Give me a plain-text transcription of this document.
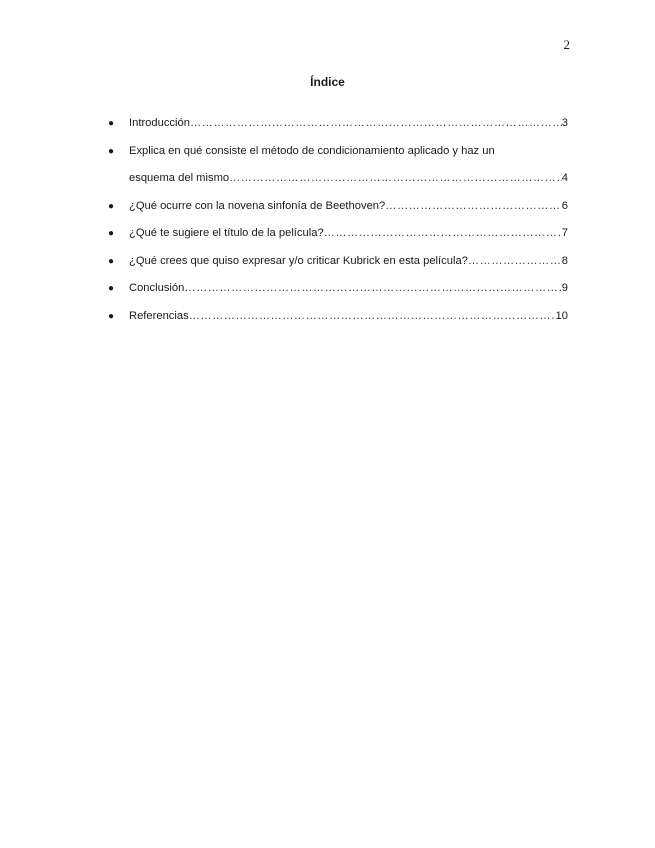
2
Índice
● Introducción …………………………………………………………………………………………………………………………………………………………	3
● Explica en qué consiste el método de condicionamiento aplicado y haz un
esquema del mismo …………………………………………………………………………………………………………………………………………………………	4
● ¿Qué ocurre con la novena sinfonía de Beethoven? …………………………………………………………………………………………………………………………………………………………	6
● ¿Qué te sugiere el título de la película? …………………………………………………………………………………………………………………………………………………………	7
● ¿Qué crees que quiso expresar y/o criticar Kubrick en esta película? …………………………………………………………………………………………………………………………………………………………	8
● Conclusión …………………………………………………………………………………………………………………………………………………………	9
● Referencias …………………………………………………………………………………………………………………………………………………………	10
